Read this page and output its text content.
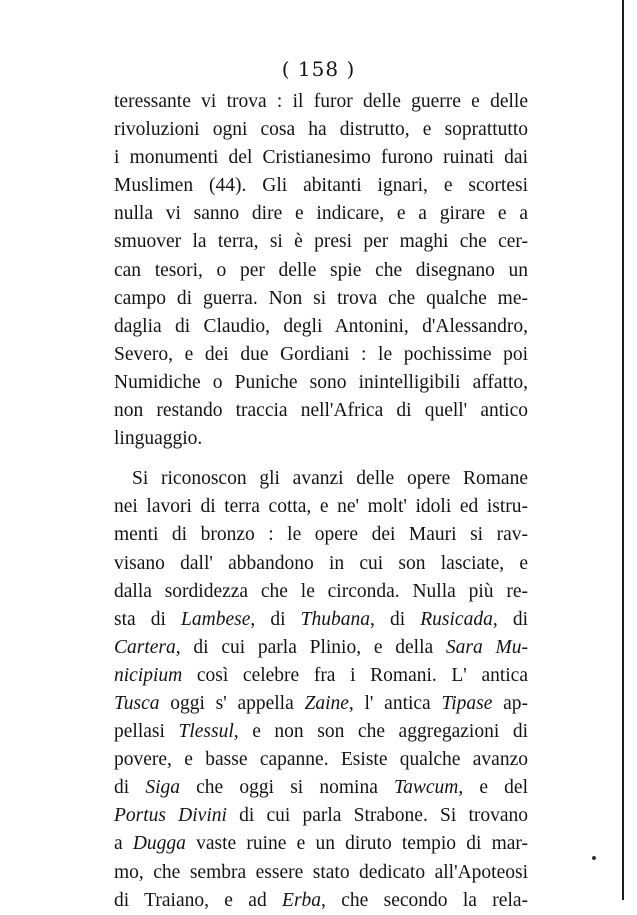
( 158 )
teressante vi trova : il furor delle guerre e delle
rivoluzioni ogni cosa ha distrutto, e soprattutto
i monumenti del Cristianesimo furono ruinati dai
Muslimen (44). Gli abitanti ignari, e scortesi
nulla vi sanno dire e indicare, e a girare e a
smuover la terra, si è presi per maghi che cer-
can tesori, o per delle spie che disegnano un
campo di guerra. Non si trova che qualche me-
daglia di Claudio, degli Antonini, d'Alessandro,
Severo, e dei due Gordiani : le pochissime poi
Numidiche o Puniche sono inintelligibili affatto,
non restando traccia nell'Africa di quell' antico
linguaggio.
Si riconoscon gli avanzi delle opere Romane
nei lavori di terra cotta, e ne' molt' idoli ed istru-
menti di bronzo : le opere dei Mauri si rav-
visano dall' abbandono in cui son lasciate, e
dalla sordidezza che le circonda. Nulla più re-
sta di Lambese, di Thubana, di Rusicada, di
Cartera, di cui parla Plinio, e della Sara Mu-
nicipium così celebre fra i Romani. L' antica
Tusca oggi s' appella Zaine, l' antica Tipase ap-
pellasi Tlessul, e non son che aggregazioni di
povere, e basse capanne. Esiste qualche avanzo
di Siga che oggi si nomina Tawcum, e del
Portus Divini di cui parla Strabone. Si trovano
a Dugga vaste ruine e un diruto tempio di mar-
mo, che sembra essere stato dedicato all'Apoteosi
di Traiano, e ad Erba, che secondo la rela-
